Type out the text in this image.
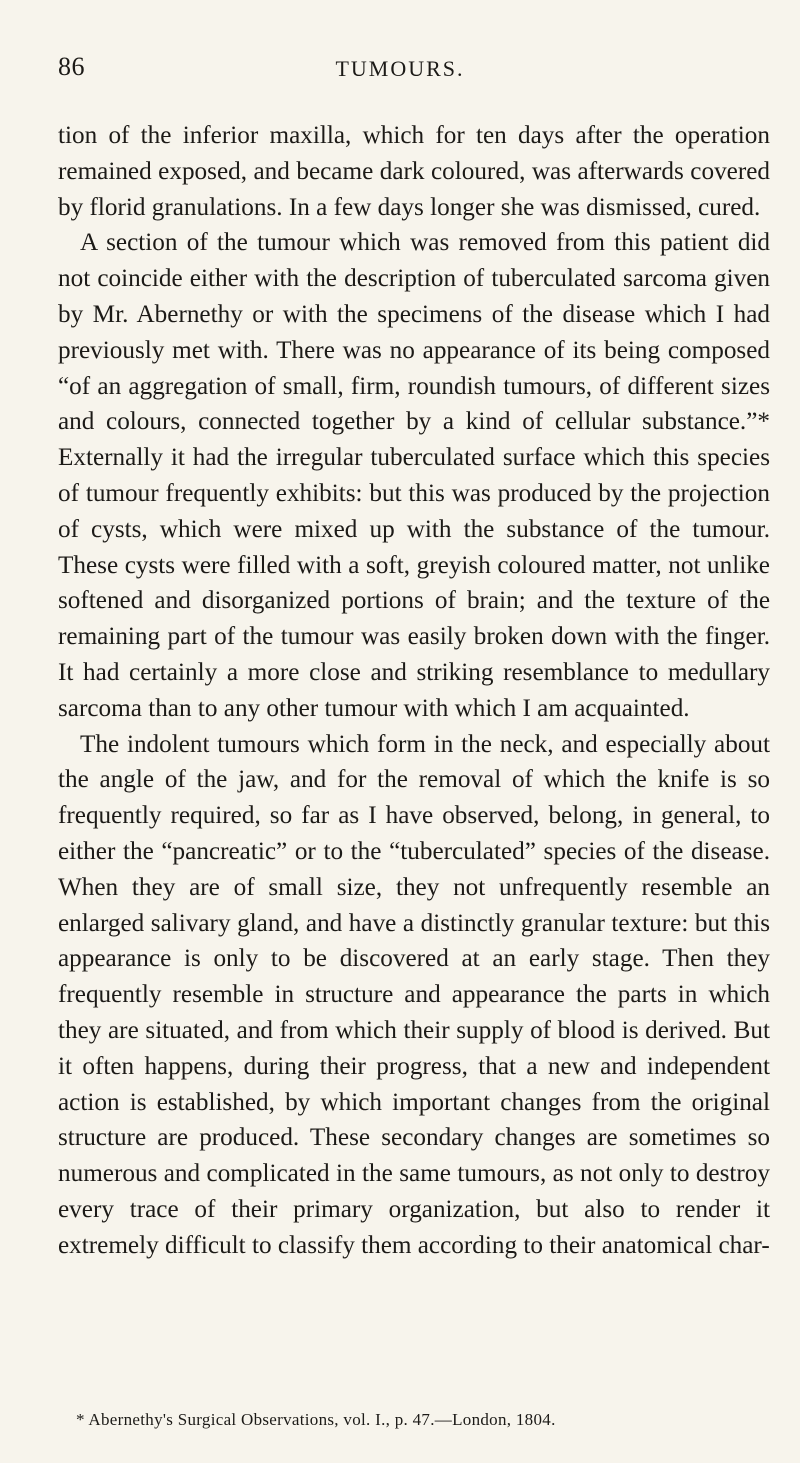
86	TUMOURS.

tion of the inferior maxilla, which for ten days after the operation remained exposed, and became dark coloured, was afterwards covered by florid granulations. In a few days longer she was dismissed, cured.

A section of the tumour which was removed from this patient did not coincide either with the description of tuberculated sarcoma given by Mr. Abernethy or with the specimens of the disease which I had previously met with. There was no appearance of its being composed “of an aggregation of small, firm, roundish tumours, of different sizes and colours, connected together by a kind of cellular substance.”* Externally it had the irregular tuberculated surface which this species of tumour frequently exhibits: but this was produced by the projection of cysts, which were mixed up with the substance of the tumour. These cysts were filled with a soft, greyish coloured matter, not unlike softened and disorganized portions of brain; and the texture of the remaining part of the tumour was easily broken down with the finger. It had certainly a more close and striking resemblance to medullary sarcoma than to any other tumour with which I am acquainted.

The indolent tumours which form in the neck, and especially about the angle of the jaw, and for the removal of which the knife is so frequently required, so far as I have observed, belong, in general, to either the “pancreatic” or to the “tuberculated” species of the disease. When they are of small size, they not unfrequently resemble an enlarged salivary gland, and have a distinctly granular texture: but this appearance is only to be discovered at an early stage. Then they frequently resemble in structure and appearance the parts in which they are situated, and from which their supply of blood is derived. But it often happens, during their progress, that a new and independent action is established, by which important changes from the original structure are produced. These secondary changes are sometimes so numerous and complicated in the same tumours, as not only to destroy every trace of their primary organization, but also to render it extremely difficult to classify them according to their anatomical char-

* Abernethy's Surgical Observations, vol. I., p. 47.—London, 1804.
